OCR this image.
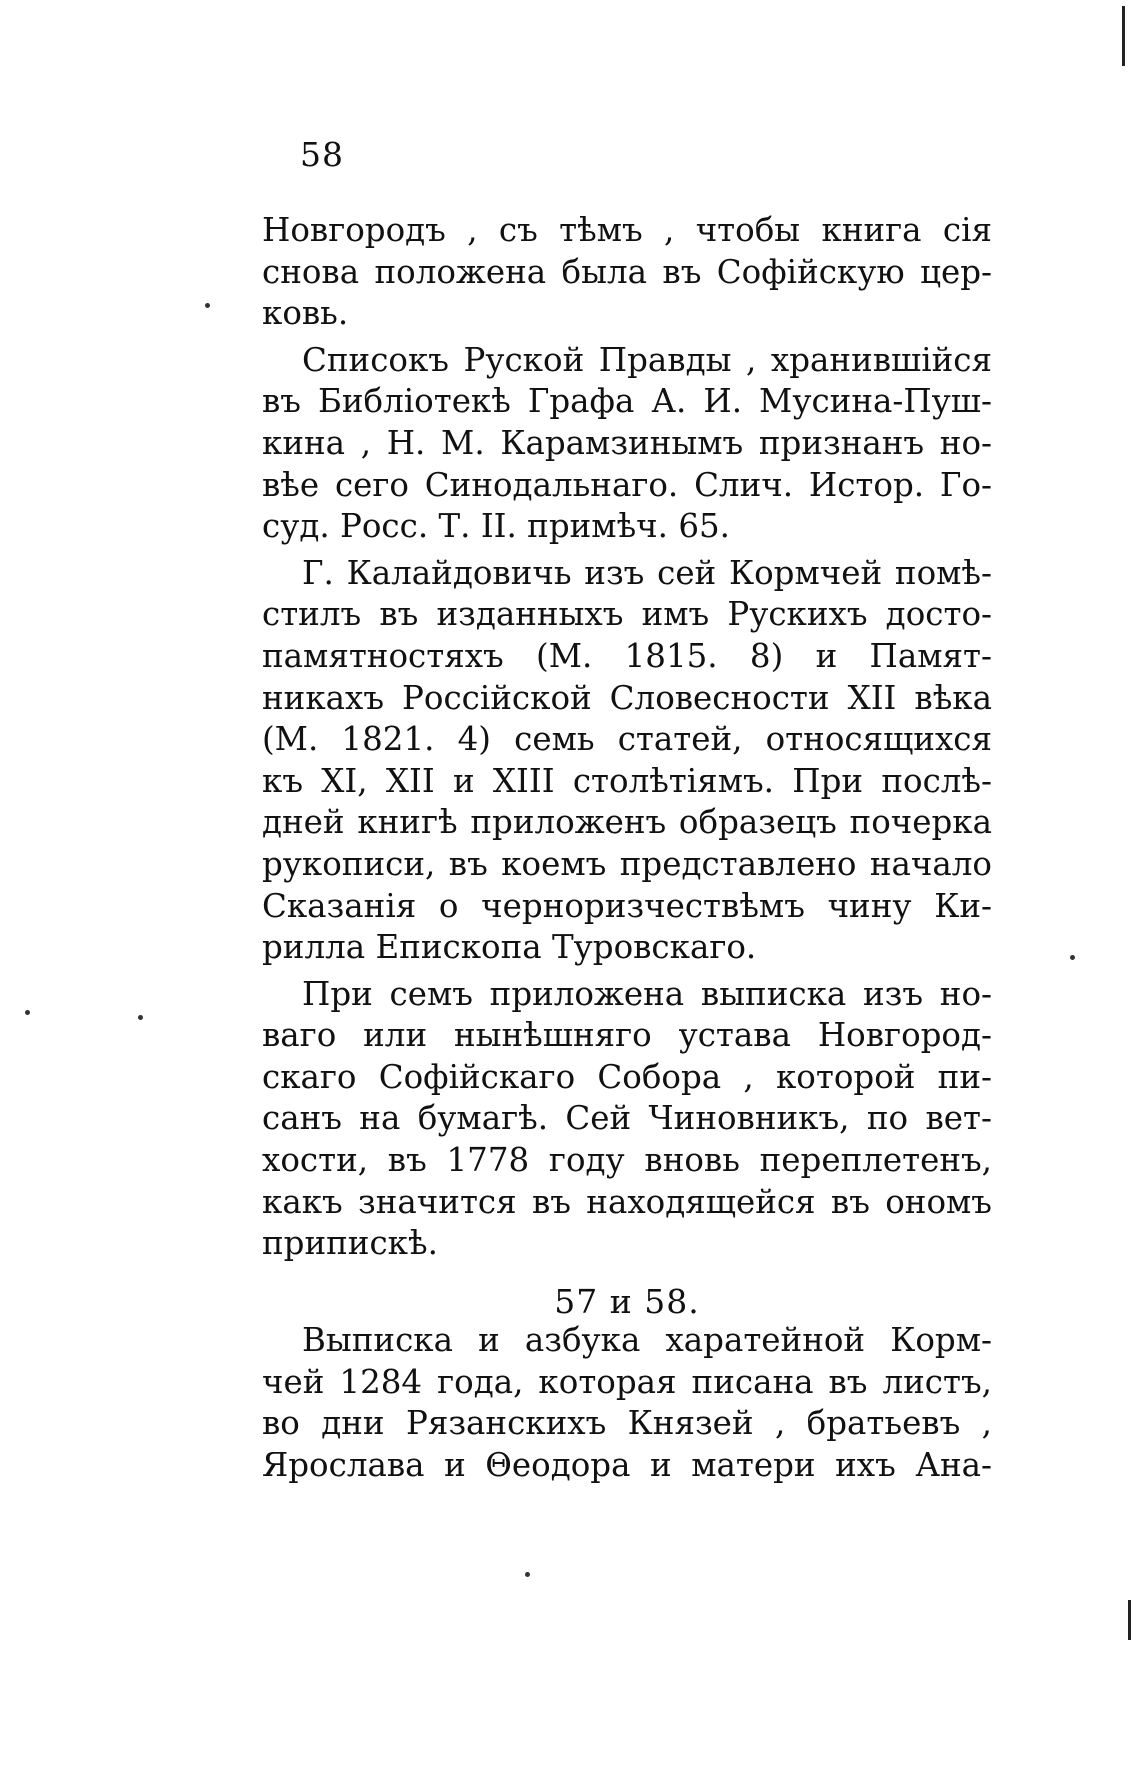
58

Новгородъ , съ тѣмъ , чтобы книга сія
снова положена была въ Софійскую цер-
ковь.

Списокъ Руской Правды , хранившійся
въ Библіотекѣ Графа А. И. Мусина-Пуш-
кина , Н. М. Карамзинымъ признанъ но-
вѣе сего Синодальнаго. Слич. Истор. Го-
суд. Росс. Т. II. примѣч. 65.

Г. Калайдовичь изъ сей Кормчей помѣ-
стилъ въ изданныхъ имъ Рускихъ досто-
памятностяхъ (М. 1815. 8) и Памят-
никахъ Россійской Словесности XII вѣка
(М. 1821. 4) семь статей, относящихся
къ XI, XII и XIII столѣтіямъ. При послѣ-
дней книгѣ приложенъ образецъ почерка
рукописи, въ коемъ представлено начало
Сказанія о черноризчествѣмъ чину Ки-
рилла Епископа Туровскаго.

При семъ приложена выписка изъ но-
ваго или нынѣшняго устава Новгород-
скаго Софійскаго Собора , которой пи-
санъ на бумагѣ. Сей Чиновникъ, по вет-
хости, въ 1778 году вновь переплетенъ,
какъ значится въ находящейся въ ономъ
припискѣ.

57 и 58.

Выписка и азбука харатейной Корм-
чей 1284 года, которая писана въ листъ,
во дни Рязанскихъ Князей , братьевъ ,
Ярослава и Θеодора и матери ихъ Ана-
